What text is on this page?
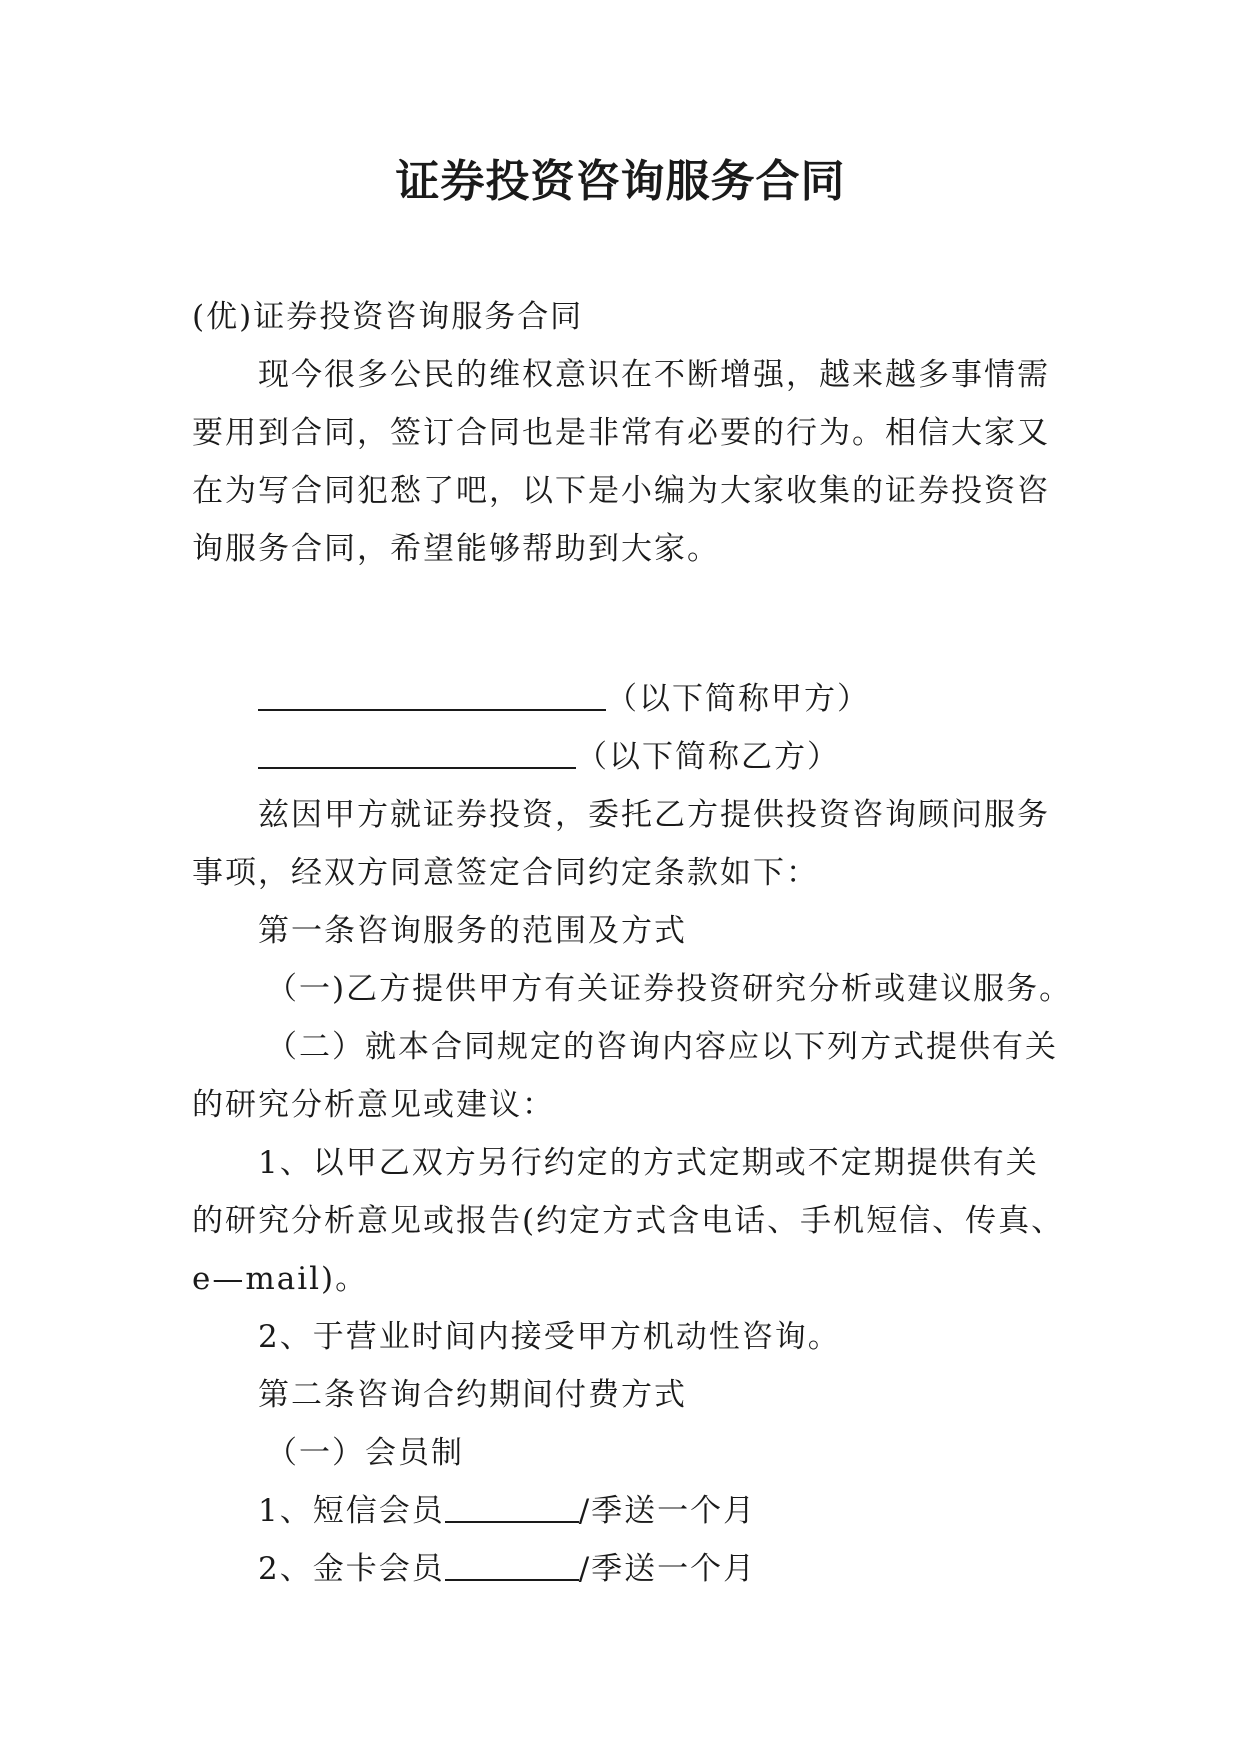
证券投资咨询服务合同
(优)证券投资咨询服务合同
现今很多公民的维权意识在不断增强，越来越多事情需
要用到合同，签订合同也是非常有必要的行为。相信大家又
在为写合同犯愁了吧，以下是小编为大家收集的证券投资咨
询服务合同，希望能够帮助到大家。
（以下简称甲方）
（以下简称乙方）
兹因甲方就证券投资，委托乙方提供投资咨询顾问服务
事项，经双方同意签定合同约定条款如下：
第一条咨询服务的范围及方式
（一)乙方提供甲方有关证券投资研究分析或建议服务。
（二）就本合同规定的咨询内容应以下列方式提供有关
的研究分析意见或建议：
1、以甲乙双方另行约定的方式定期或不定期提供有关
的研究分析意见或报告(约定方式含电话、手机短信、传真、
e—mail)。
2、于营业时间内接受甲方机动性咨询。
第二条咨询合约期间付费方式
（一）会员制
1、短信会员	/季送一个月
2、金卡会员	/季送一个月
